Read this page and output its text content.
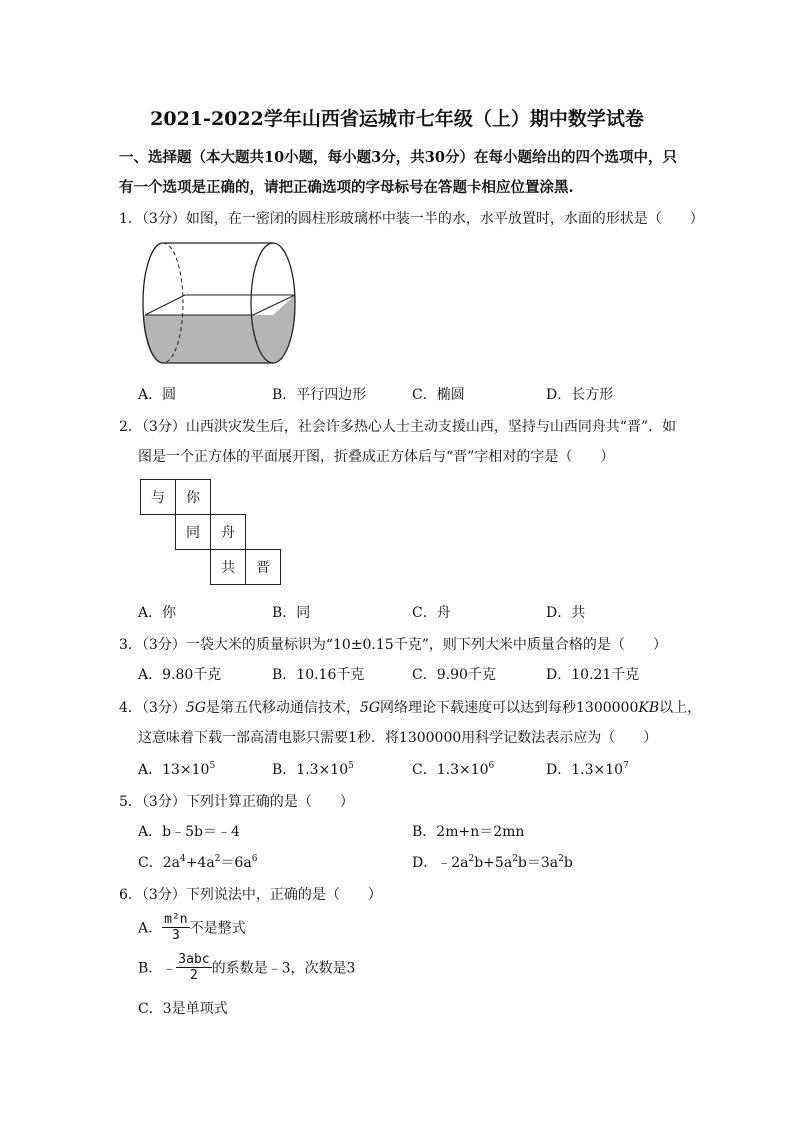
2021-2022学年山西省运城市七年级（上）期中数学试卷
一、选择题（本大题共10小题，每小题3分，共30分）在每小题给出的四个选项中，只
有一个选项是正确的，请把正确选项的字母标号在答题卡相应位置涂黑.
1．（3分）如图，在一密闭的圆柱形玻璃杯中装一半的水，水平放置时，水面的形状是（　　）
A．圆	B．平行四边形	C．椭圆	D．长方形
2．（3分）山西洪灾发生后，社会许多热心人士主动支援山西，坚持与山西同舟共“晋”．如
图是一个正方体的平面展开图，折叠成正方体后与“晋”字相对的字是（　　）
与	你
同	舟
共	晋
A．你	B．同	C．舟	D．共
3．（3分）一袋大米的质量标识为“10±0.15千克”，则下列大米中质量合格的是（　　）
A．9.80千克	B．10.16千克	C．9.90千克	D．10.21千克
4．（3分）5G是第五代移动通信技术，5G网络理论下载速度可以达到每秒1300000KB以上，
这意味着下载一部高清电影只需要1秒．将1300000用科学记数法表示应为（　　）
A．$13\times 10^5$	B．$1.3\times 10^5$	C．$1.3\times 10^6$	D．$1.3\times 10^7$
5．（3分）下列计算正确的是（　　）
A．b﹣5b＝﹣4	B．2m+n＝2mn
C．$2a^4+4a^2=6a^6$	D．$﹣2a^2b+5a^2b=3a^2b$
6．（3分）下列说法中，正确的是（　　）
A． $\frac{\text{m²n}}{3}$ 不是整式
B．﹣ $\frac{\text{3abc}}{2}$ 的系数是﹣3，次数是3
C．3是单项式
